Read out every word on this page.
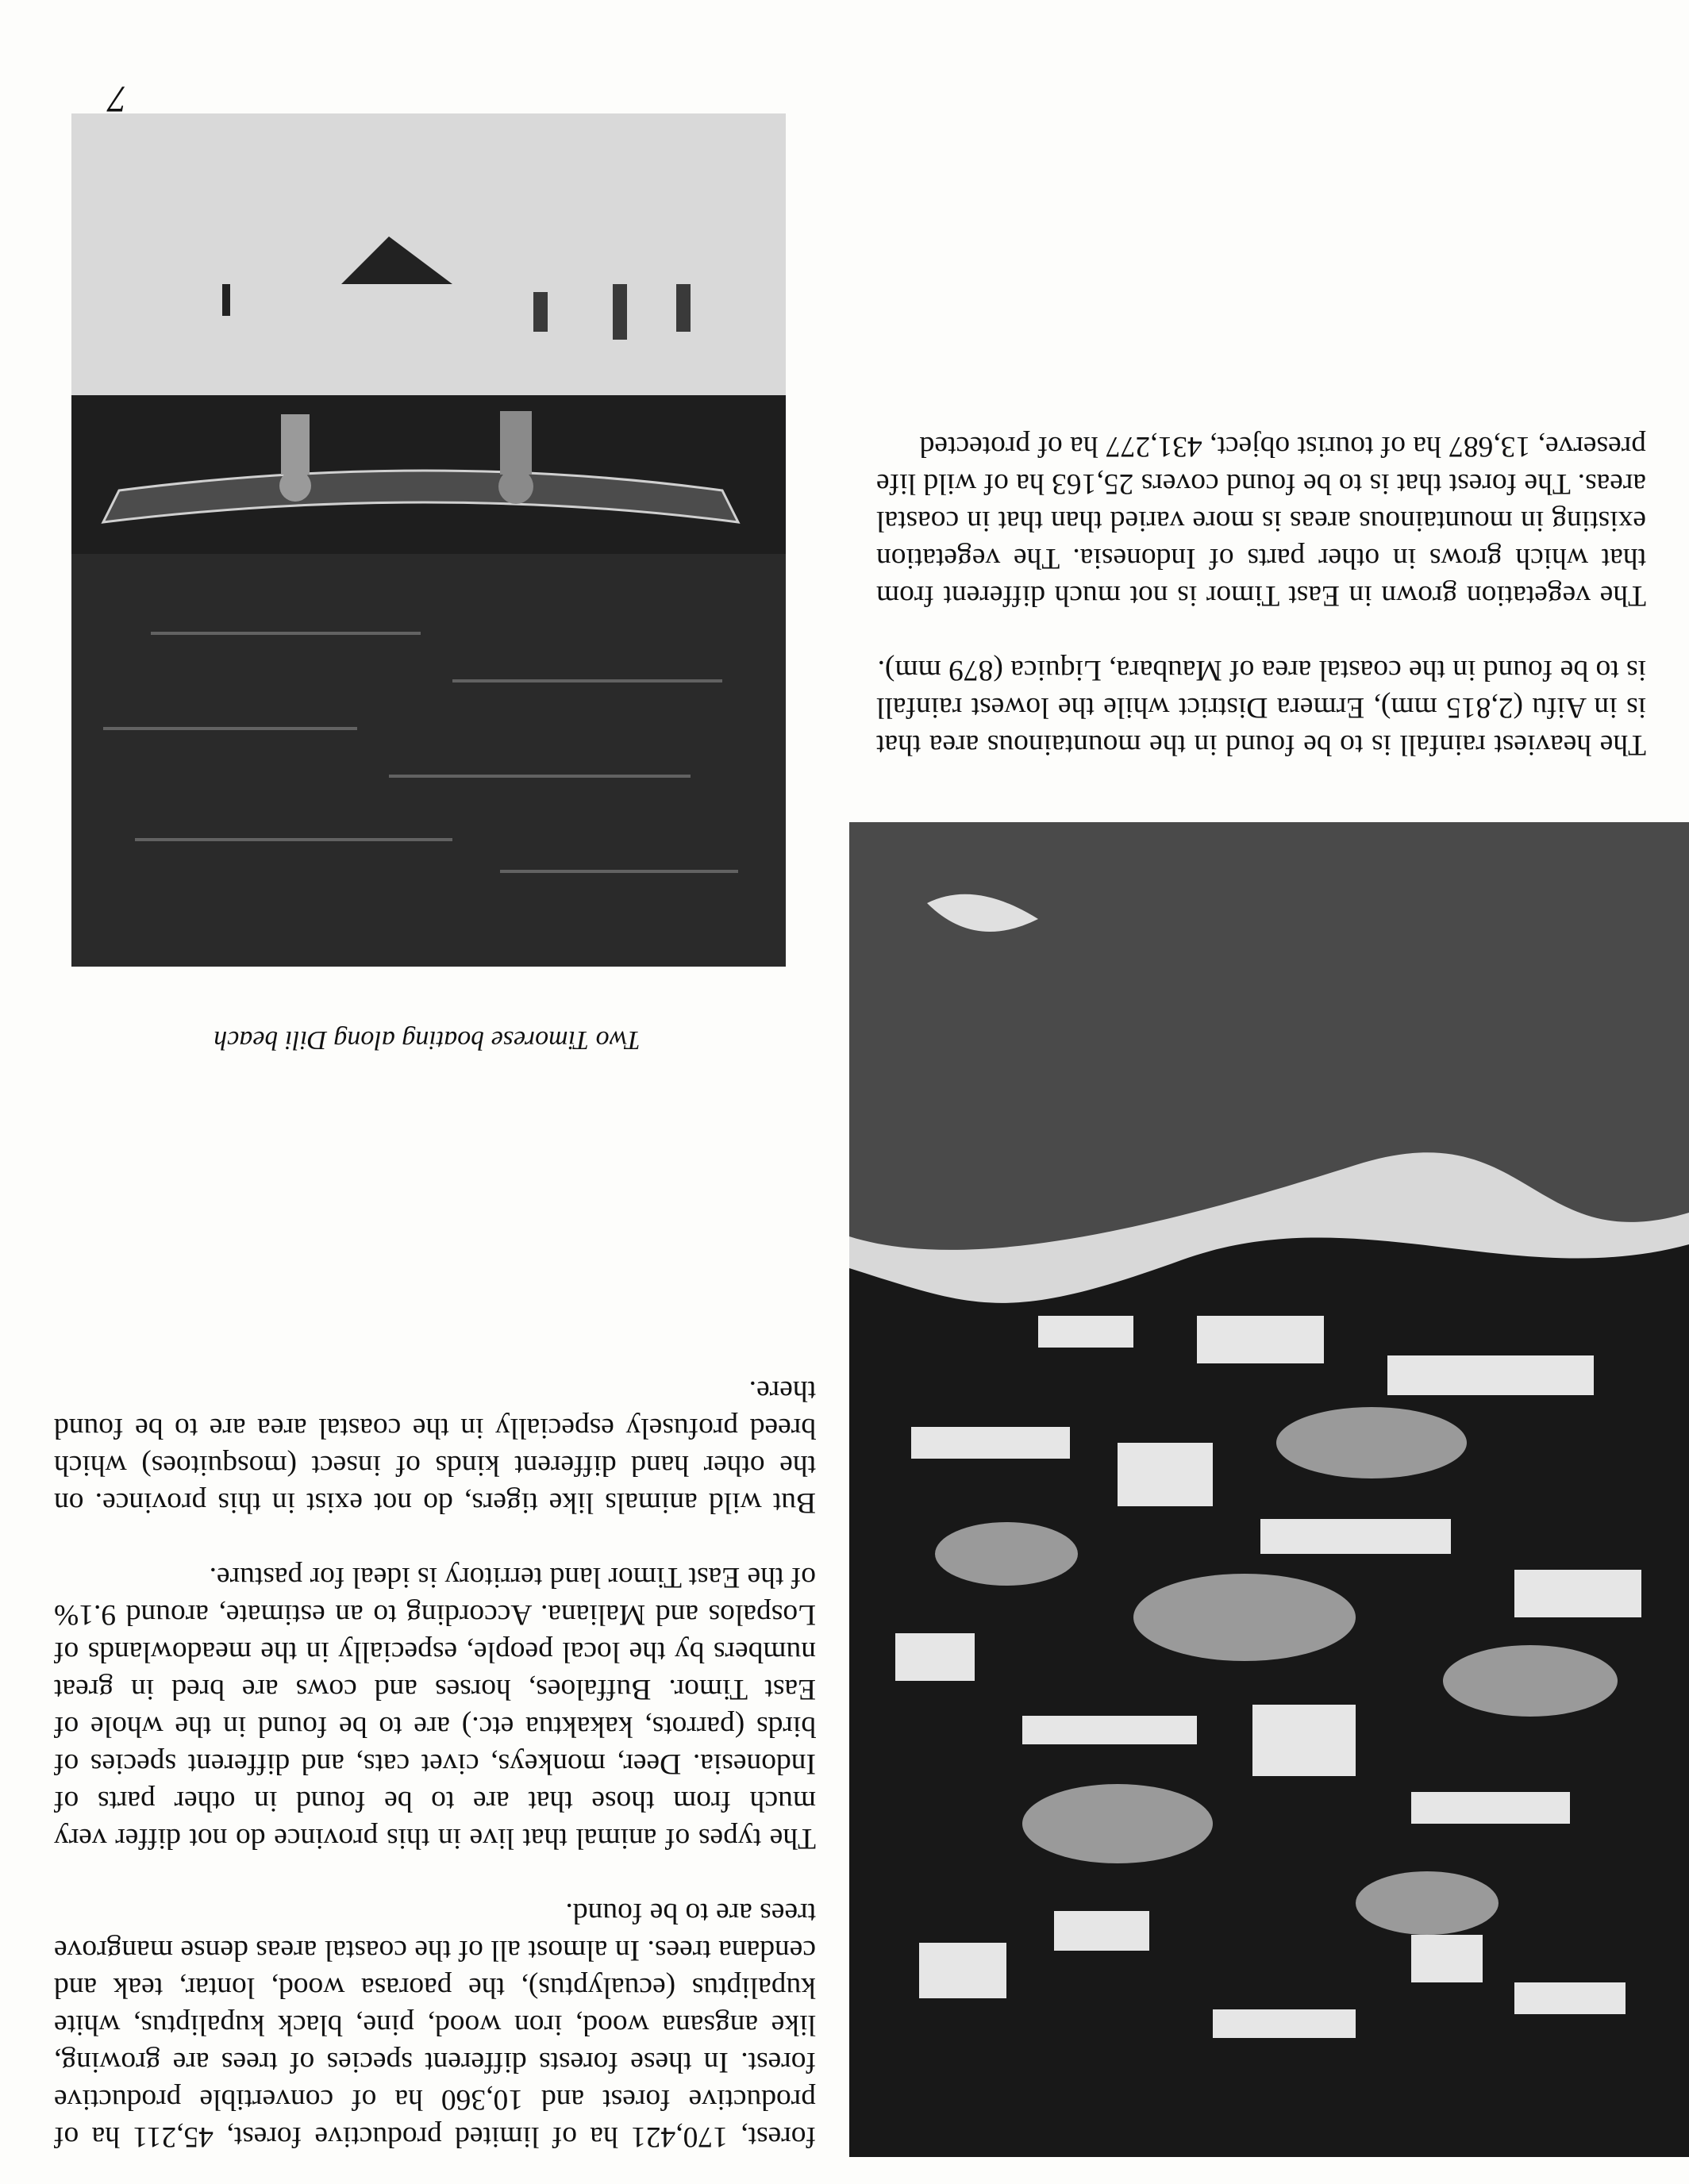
forest, 170,421 ha of limited productive forest, 45,211 ha of productive forest and 10,360 ha of convertible productive forest. In these forests different species of trees are growing, like angsana wood, iron wood, pine, black kupaliptus, white kupaliptus (ecualyptus), the paorasa wood, lontar, teak and cendana trees. In almost all of the coastal areas dense mangrove trees are to be found.

The types of animal that live in this province do not differ very much from those that are to be found in other parts of Indonesia. Deer, monkeys, civet cats, and different species of birds (parrots, kakaktua etc.) are to be found in the whole of East Timor. Buffaloes, horses and cows are bred in great numbers by the local people, especially in the meadowlands of Lospalos and Maliana. According to an estimate, around 9.1% of the East Timor land territory is ideal for pasture.

But wild animals like tigers, do not exist in this province. on the other hand different kinds of insect (mosquitoes) which breed profusely especially in the coastal area are to be found there.

Two Timorese boating along Dili beach

The heaviest rainfall is to be found in the mountainous area that is in Aifu (2,815 mm), Ermera District while the lowest rainfall is to be found in the coastal area of Maubara, Liquica (879 mm).

The vegetation grown in East Timor is not much different from that which grows in other parts of Indonesia. The vegetation existing in mountainous areas is more varied than that in coastal areas. The forest that is to be found covers 25,163 ha of wild life preserve, 13,687 ha of tourist object, 431,277 ha of protected

7
